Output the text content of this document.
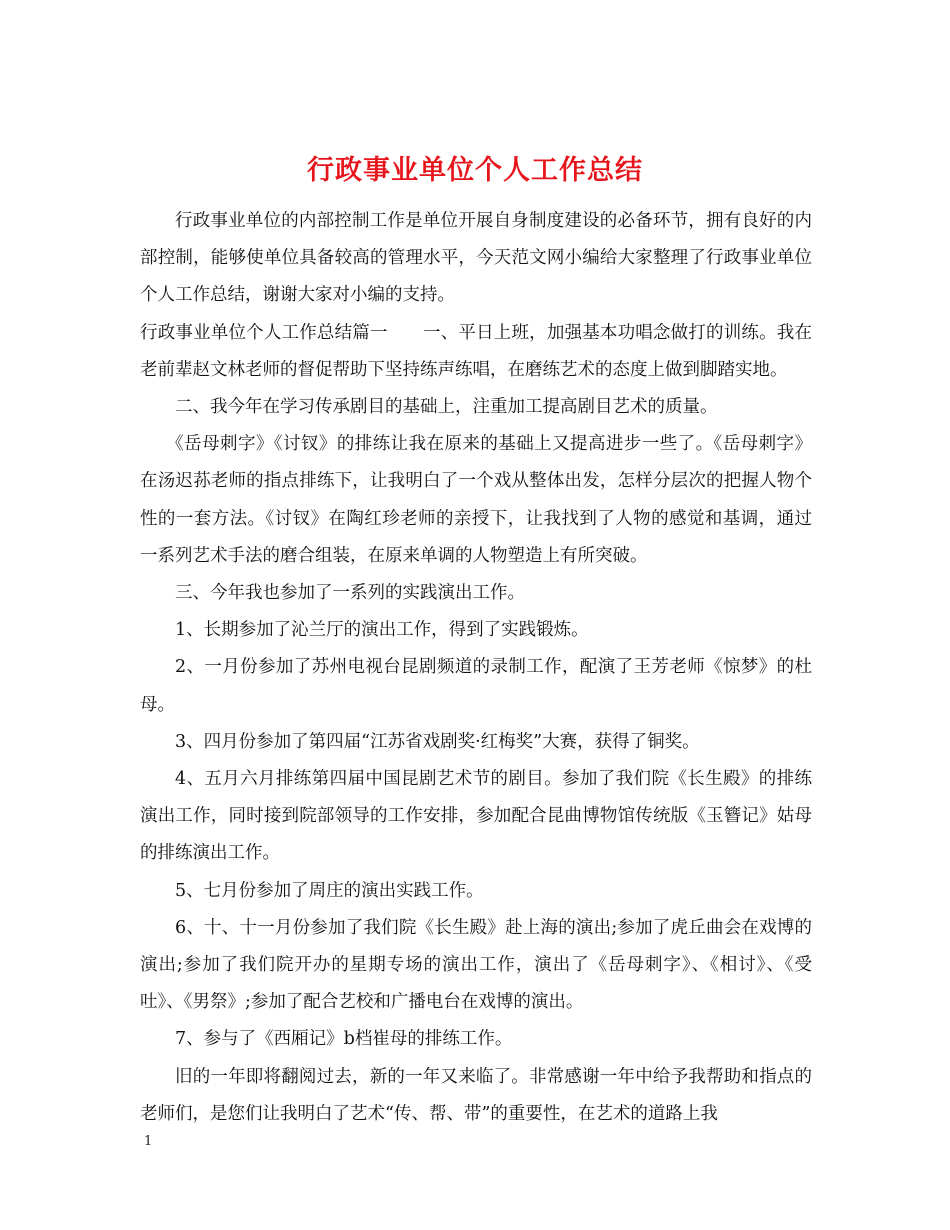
行政事业单位个人工作总结

行政事业单位的内部控制工作是单位开展自身制度建设的必备环节，拥有良好的内部控制，能够使单位具备较高的管理水平，今天范文网小编给大家整理了行政事业单位个人工作总结，谢谢大家对小编的支持。

行政事业单位个人工作总结篇一　　一、平日上班，加强基本功唱念做打的训练。我在老前辈赵文林老师的督促帮助下坚持练声练唱，在磨练艺术的态度上做到脚踏实地。

二、我今年在学习传承剧目的基础上，注重加工提高剧目艺术的质量。

《岳母刺字》《讨钗》的排练让我在原来的基础上又提高进步一些了。《岳母刺字》在汤迟荪老师的指点排练下，让我明白了一个戏从整体出发，怎样分层次的把握人物个性的一套方法。《讨钗》在陶红珍老师的亲授下，让我找到了人物的感觉和基调，通过一系列艺术手法的磨合组装，在原来单调的人物塑造上有所突破。

三、今年我也参加了一系列的实践演出工作。

1、长期参加了沁兰厅的演出工作，得到了实践锻炼。

2、一月份参加了苏州电视台昆剧频道的录制工作，配演了王芳老师《惊梦》的杜母。

3、四月份参加了第四届“江苏省戏剧奖·红梅奖”大赛，获得了铜奖。

4、五月六月排练第四届中国昆剧艺术节的剧目。参加了我们院《长生殿》的排练演出工作，同时接到院部领导的工作安排，参加配合昆曲博物馆传统版《玉簪记》姑母的排练演出工作。

5、七月份参加了周庄的演出实践工作。

6、十、十一月份参加了我们院《长生殿》赴上海的演出;参加了虎丘曲会在戏博的演出;参加了我们院开办的星期专场的演出工作，演出了《岳母刺字》、《相讨》、《受吐》、《男祭》;参加了配合艺校和广播电台在戏博的演出。

7、参与了《西厢记》b档崔母的排练工作。

旧的一年即将翻阅过去，新的一年又来临了。非常感谢一年中给予我帮助和指点的老师们，是您们让我明白了艺术“传、帮、带”的重要性，在艺术的道路上我

1
